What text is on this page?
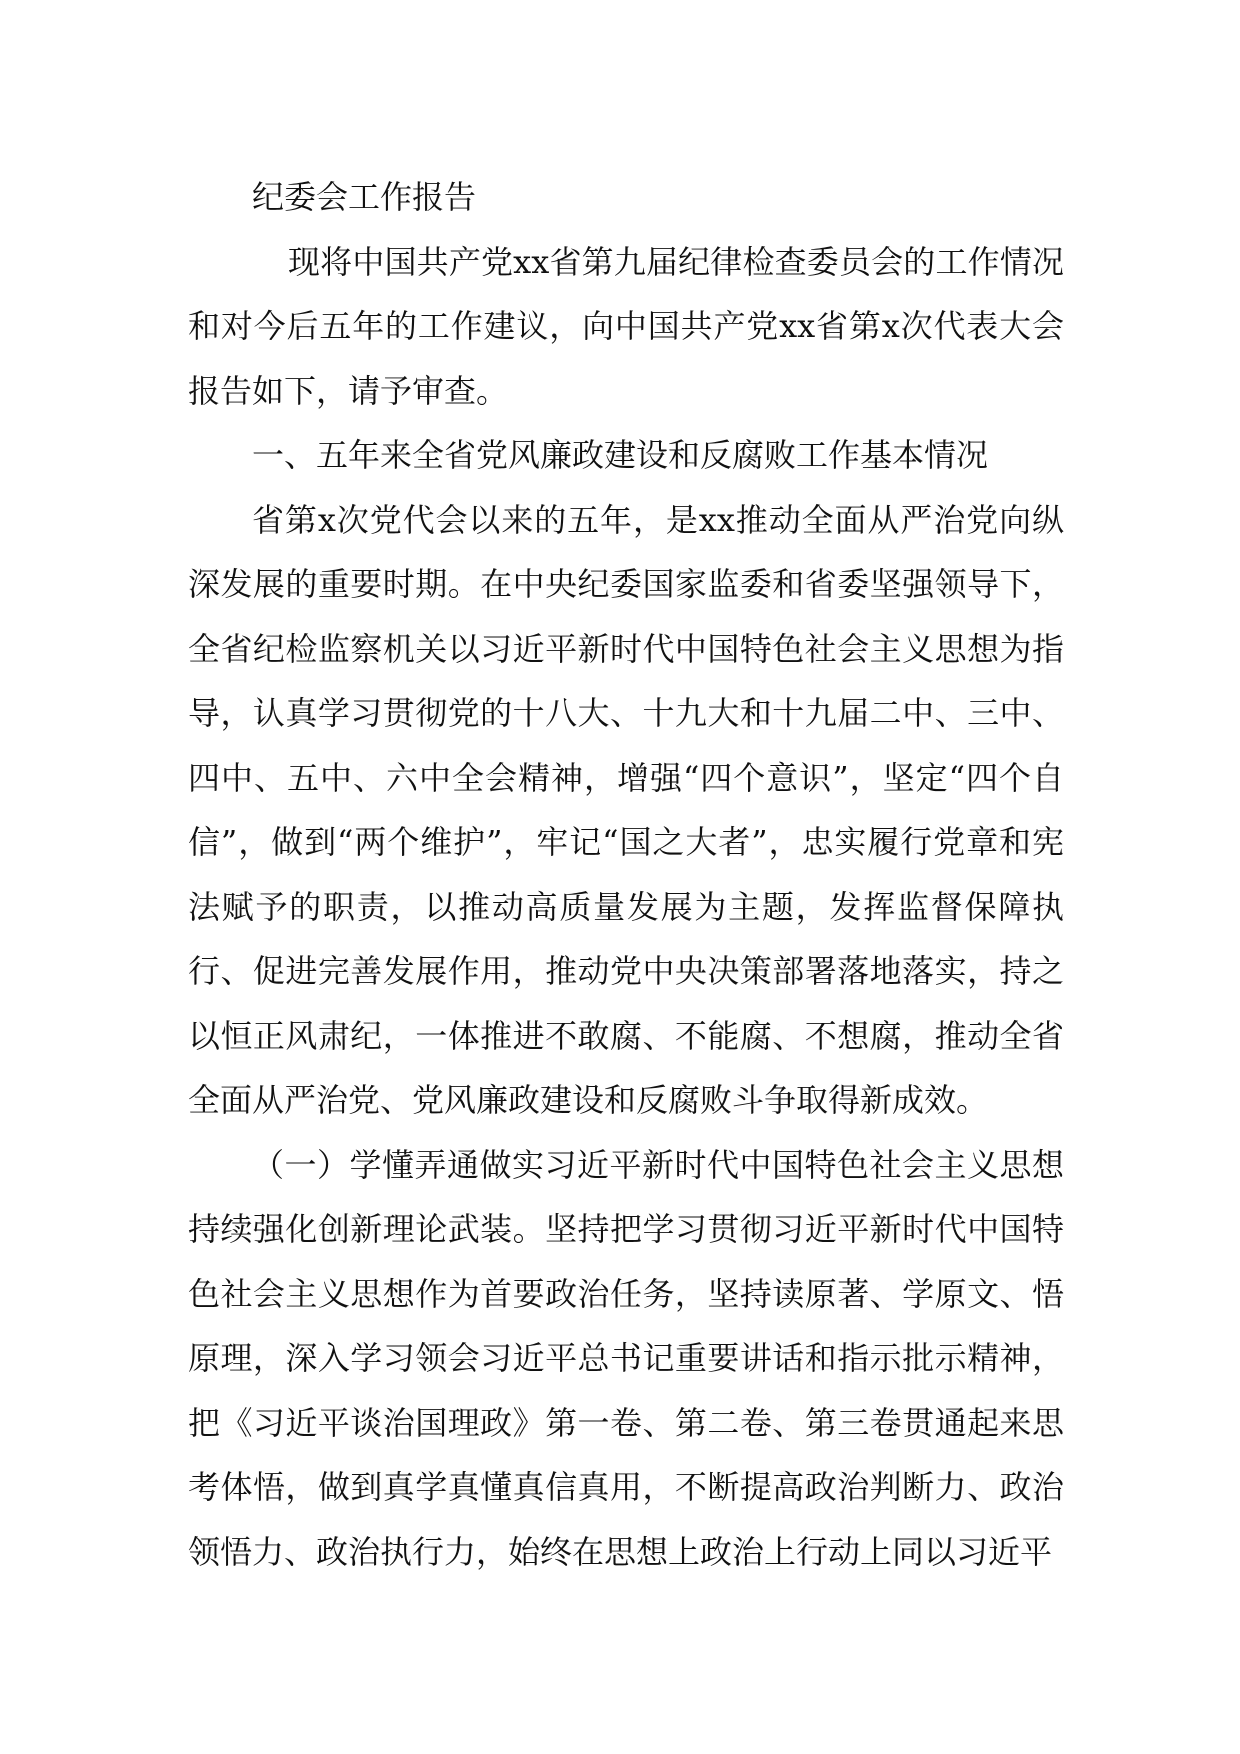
纪委会工作报告

现将中国共产党xx省第九届纪律检查委员会的工作情况和对今后五年的工作建议，向中国共产党xx省第x次代表大会报告如下，请予审查。

一、五年来全省党风廉政建设和反腐败工作基本情况

省第x次党代会以来的五年，是xx推动全面从严治党向纵深发展的重要时期。在中央纪委国家监委和省委坚强领导下，全省纪检监察机关以习近平新时代中国特色社会主义思想为指导，认真学习贯彻党的十八大、十九大和十九届二中、三中、四中、五中、六中全会精神，增强“四个意识”，坚定“四个自信”，做到“两个维护”，牢记“国之大者”，忠实履行党章和宪法赋予的职责，以推动高质量发展为主题，发挥监督保障执行、促进完善发展作用，推动党中央决策部署落地落实，持之以恒正风肃纪，一体推进不敢腐、不能腐、不想腐，推动全省全面从严治党、党风廉政建设和反腐败斗争取得新成效。

（一）学懂弄通做实习近平新时代中国特色社会主义思想持续强化创新理论武装。坚持把学习贯彻习近平新时代中国特色社会主义思想作为首要政治任务，坚持读原著、学原文、悟原理，深入学习领会习近平总书记重要讲话和指示批示精神，把《习近平谈治国理政》第一卷、第二卷、第三卷贯通起来思考体悟，做到真学真懂真信真用，不断提高政治判断力、政治领悟力、政治执行力，始终在思想上政治上行动上同以习近平
